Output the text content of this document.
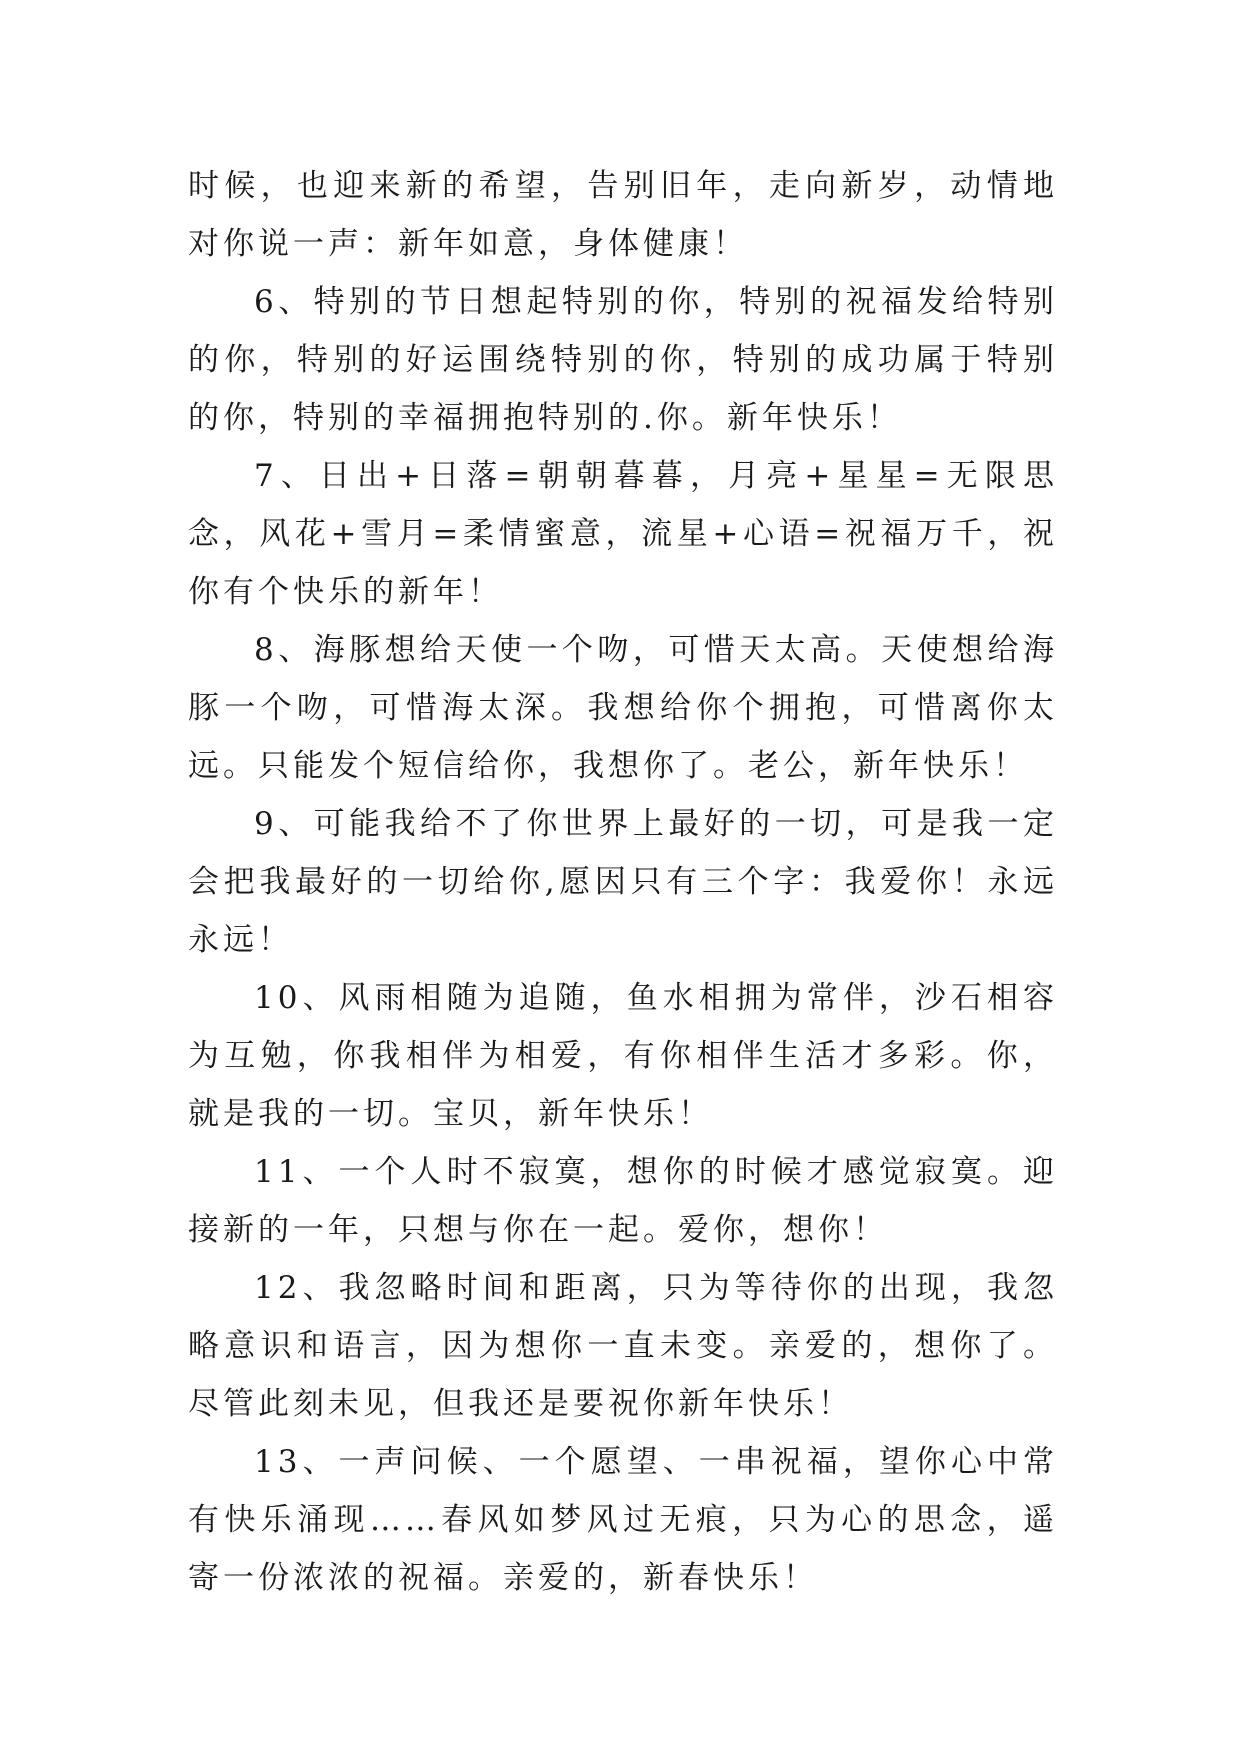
时候，也迎来新的希望，告别旧年，走向新岁，动情地对你说一声：新年如意，身体健康！

6、特别的节日想起特别的你，特别的祝福发给特别的你，特别的好运围绕特别的你，特别的成功属于特别的你，特别的幸福拥抱特别的.你。新年快乐！

7、日出+日落=朝朝暮暮，月亮+星星=无限思念，风花+雪月=柔情蜜意，流星+心语=祝福万千，祝你有个快乐的新年！

8、海豚想给天使一个吻，可惜天太高。天使想给海豚一个吻，可惜海太深。我想给你个拥抱，可惜离你太远。只能发个短信给你，我想你了。老公，新年快乐！

9、可能我给不了你世界上最好的一切，可是我一定会把我最好的一切给你,愿因只有三个字：我爱你！永远永远！

10、风雨相随为追随，鱼水相拥为常伴，沙石相容为互勉，你我相伴为相爱，有你相伴生活才多彩。你，就是我的一切。宝贝，新年快乐！

11、一个人时不寂寞，想你的时候才感觉寂寞。迎接新的一年，只想与你在一起。爱你，想你！

12、我忽略时间和距离，只为等待你的出现，我忽略意识和语言，因为想你一直未变。亲爱的，想你了。尽管此刻未见，但我还是要祝你新年快乐！

13、一声问候、一个愿望、一串祝福，望你心中常有快乐涌现……春风如梦风过无痕，只为心的思念，遥寄一份浓浓的祝福。亲爱的，新春快乐！
